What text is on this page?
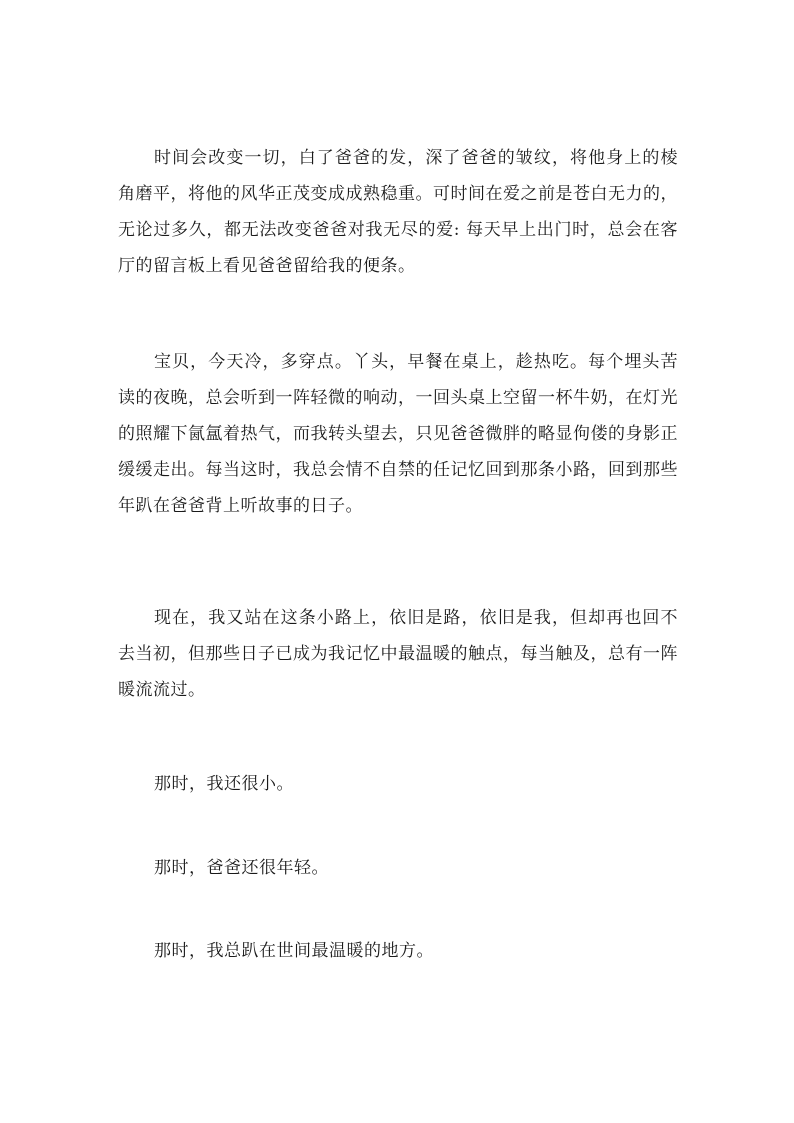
时间会改变一切，白了爸爸的发，深了爸爸的皱纹，将他身上的棱角磨平，将他的风华正茂变成成熟稳重。可时间在爱之前是苍白无力的，无论过多久，都无法改变爸爸对我无尽的爱: 每天早上出门时，总会在客厅的留言板上看见爸爸留给我的便条。

宝贝，今天冷，多穿点。丫头，早餐在桌上，趁热吃。每个埋头苦读的夜晚，总会听到一阵轻微的响动，一回头桌上空留一杯牛奶，在灯光的照耀下氤氲着热气，而我转头望去，只见爸爸微胖的略显佝偻的身影正缓缓走出。每当这时，我总会情不自禁的任记忆回到那条小路，回到那些年趴在爸爸背上听故事的日子。

现在，我又站在这条小路上，依旧是路，依旧是我，但却再也回不去当初，但那些日子已成为我记忆中最温暖的触点，每当触及，总有一阵暖流流过。

那时，我还很小。

那时，爸爸还很年轻。

那时，我总趴在世间最温暖的地方。
